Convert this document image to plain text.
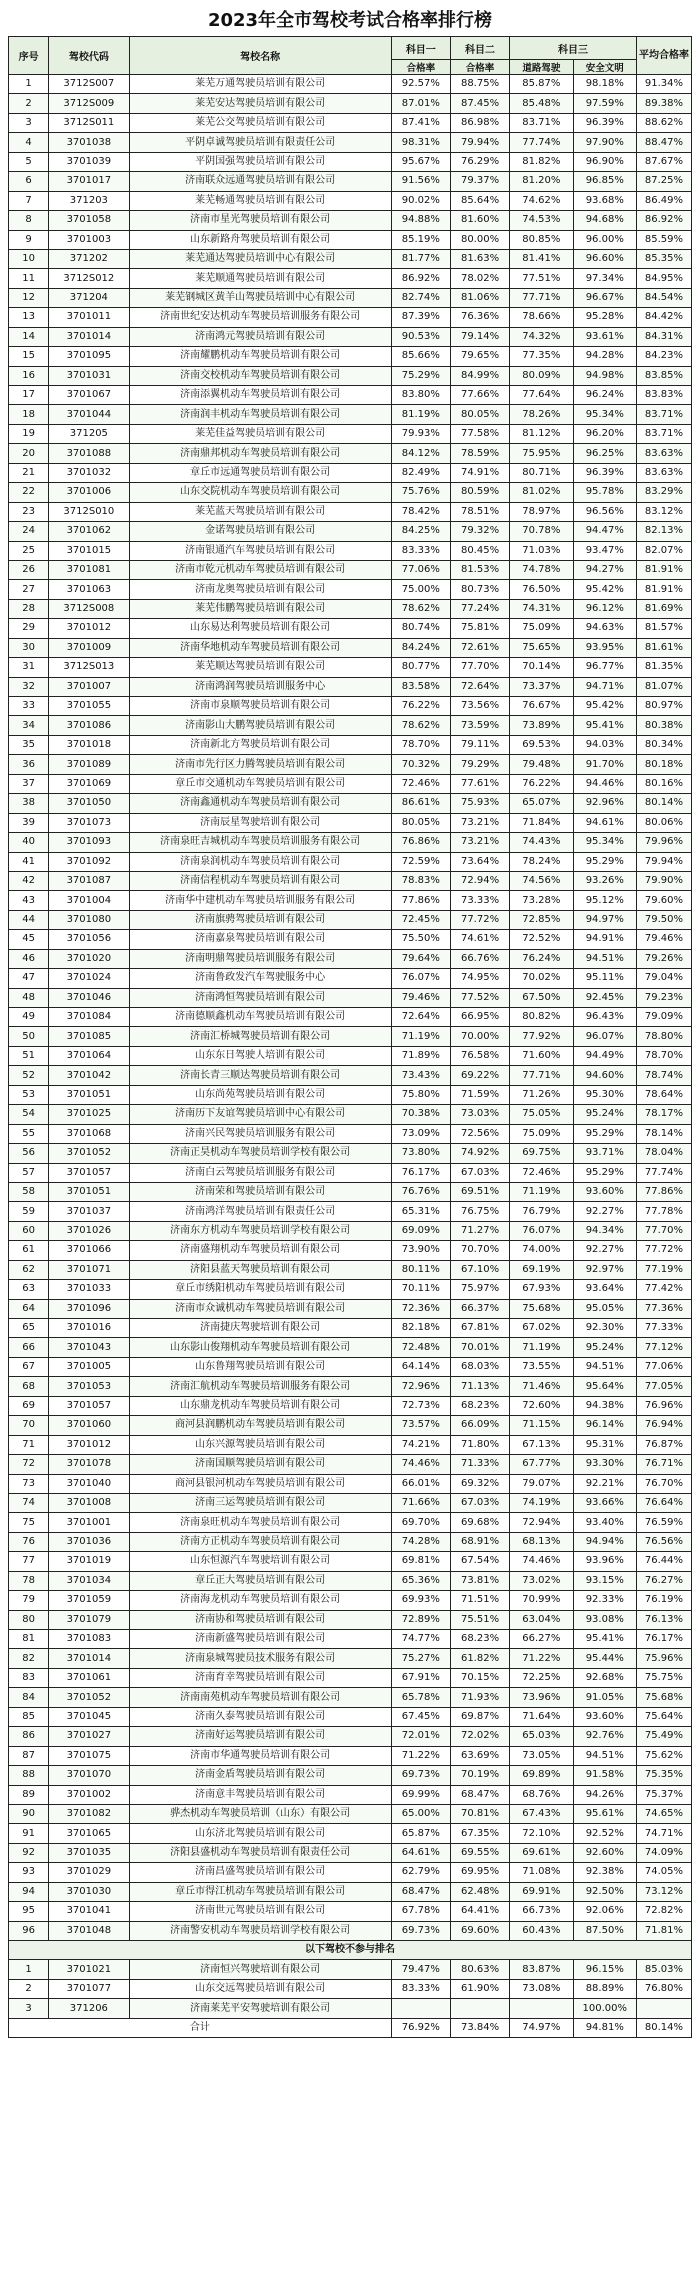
2023年全市驾校考试合格率排行榜
序号	驾校代码	驾校名称	科目一	科目二	科目三		平均合格率
			合格率	合格率	道路驾驶	安全文明	
1	3712S007	莱芜万通驾驶员培训有限公司	92.57%	88.75%	85.87%	98.18%	91.34%
2	3712S009	莱芜安达驾驶员培训有限公司	87.01%	87.45%	85.48%	97.59%	89.38%
3	3712S011	莱芜公交驾驶员培训有限公司	87.41%	86.98%	83.71%	96.39%	88.62%
4	3701038	平阴卓诚驾驶员培训有限责任公司	98.31%	79.94%	77.74%	97.90%	88.47%
5	3701039	平阴国强驾驶员培训有限公司	95.67%	76.29%	81.82%	96.90%	87.67%
6	3701017	济南联众远通驾驶员培训有限公司	91.56%	79.37%	81.20%	96.85%	87.25%
7	371203	莱芜畅通驾驶员培训有限公司	90.02%	85.64%	74.62%	93.68%	86.49%
8	3701058	济南市星光驾驶员培训有限公司	94.88%	81.60%	74.53%	94.68%	86.92%
9	3701003	山东新路舟驾驶员培训有限公司	85.19%	80.00%	80.85%	96.00%	85.59%
10	371202	莱芜通达驾驶员培训中心有限公司	81.77%	81.63%	81.41%	96.60%	85.35%
11	3712S012	莱芜顺通驾驶员培训有限公司	86.92%	78.02%	77.51%	97.34%	84.95%
12	371204	莱芜钢城区黄羊山驾驶员培训中心有限公司	82.74%	81.06%	77.71%	96.67%	84.54%
13	3701011	济南世纪安达机动车驾驶员培训服务有限公司	87.39%	76.36%	78.66%	95.28%	84.42%
14	3701014	济南鸿元驾驶员培训有限公司	90.53%	79.14%	74.32%	93.61%	84.31%
15	3701095	济南耀鹏机动车驾驶员培训有限公司	85.66%	79.65%	77.35%	94.28%	84.23%
16	3701031	济南交校机动车驾驶员培训有限公司	75.29%	84.99%	80.09%	94.98%	83.85%
17	3701067	济南添翼机动车驾驶员培训有限公司	83.80%	77.66%	77.64%	96.24%	83.83%
18	3701044	济南润丰机动车驾驶员培训有限公司	81.19%	80.05%	78.26%	95.34%	83.71%
19	371205	莱芜佳益驾驶员培训有限公司	79.93%	77.58%	81.12%	96.20%	83.71%
20	3701088	济南鼎邦机动车驾驶员培训有限公司	84.12%	78.59%	75.95%	96.25%	83.63%
21	3701032	章丘市远通驾驶员培训有限公司	82.49%	74.91%	80.71%	96.39%	83.63%
22	3701006	山东交院机动车驾驶员培训有限公司	75.76%	80.59%	81.02%	95.78%	83.29%
23	3712S010	莱芜蓝天驾驶员培训有限公司	78.42%	78.51%	78.97%	96.56%	83.12%
24	3701062	金诺驾驶员培训有限公司	84.25%	79.32%	70.78%	94.47%	82.13%
25	3701015	济南银通汽车驾驶员培训有限公司	83.33%	80.45%	71.03%	93.47%	82.07%
26	3701081	济南市乾元机动车驾驶员培训有限公司	77.06%	81.53%	74.78%	94.27%	81.91%
27	3701063	济南龙奥驾驶员培训有限公司	75.00%	80.73%	76.50%	95.42%	81.91%
28	3712S008	莱芜伟鹏驾驶员培训有限公司	78.62%	77.24%	74.31%	96.12%	81.69%
29	3701012	山东易达利驾驶员培训有限公司	80.74%	75.81%	75.09%	94.63%	81.57%
30	3701009	济南华地机动车驾驶员培训有限公司	84.24%	72.61%	75.65%	93.95%	81.61%
31	3712S013	莱芜顺达驾驶员培训有限公司	80.77%	77.70%	70.14%	96.77%	81.35%
32	3701007	济南鸿润驾驶员培训服务中心	83.58%	72.64%	73.37%	94.71%	81.07%
33	3701055	济南市泉顺驾驶员培训有限公司	76.22%	73.56%	76.67%	95.42%	80.97%
34	3701086	济南影山大鹏驾驶员培训有限公司	78.62%	73.59%	73.89%	95.41%	80.38%
35	3701018	济南新北方驾驶员培训有限公司	78.70%	79.11%	69.53%	94.03%	80.34%
36	3701089	济南市先行区力腾驾驶员培训有限公司	70.32%	79.29%	79.48%	91.70%	80.18%
37	3701069	章丘市交通机动车驾驶员培训有限公司	72.46%	77.61%	76.22%	94.46%	80.16%
38	3701050	济南鑫通机动车驾驶员培训有限公司	86.61%	75.93%	65.07%	92.96%	80.14%
39	3701073	济南辰星驾驶培训有限公司	80.05%	73.21%	71.84%	94.61%	80.06%
40	3701093	济南泉旺吉城机动车驾驶员培训服务有限公司	76.86%	73.21%	74.43%	95.34%	79.96%
41	3701092	济南泉润机动车驾驶员培训有限公司	72.59%	73.64%	78.24%	95.29%	79.94%
42	3701087	济南信程机动车驾驶员培训有限公司	78.83%	72.94%	74.56%	93.26%	79.90%
43	3701004	济南华中建机动车驾驶员培训服务有限公司	77.86%	73.33%	73.28%	95.12%	79.60%
44	3701080	济南旗骋驾驶员培训有限公司	72.45%	77.72%	72.85%	94.97%	79.50%
45	3701056	济南嘉泉驾驶员培训有限公司	75.50%	74.61%	72.52%	94.91%	79.46%
46	3701020	济南明鼎驾驶员培训服务有限公司	79.64%	66.76%	76.24%	94.51%	79.26%
47	3701024	济南鲁政发汽车驾驶服务中心	76.07%	74.95%	70.02%	95.11%	79.04%
48	3701046	济南鸿恒驾驶员培训有限公司	79.46%	77.52%	67.50%	92.45%	79.23%
49	3701084	济南德顺鑫机动车驾驶员培训有限公司	72.64%	66.95%	80.82%	96.43%	79.09%
50	3701085	济南汇桥城驾驶员培训有限公司	71.19%	70.00%	77.92%	96.07%	78.80%
51	3701064	山东东日驾驶人培训有限公司	71.89%	76.58%	71.60%	94.49%	78.70%
52	3701042	济南长青三顺达驾驶员培训有限公司	73.43%	69.22%	77.71%	94.60%	78.74%
53	3701051	山东尚苑驾驶员培训有限公司	75.80%	71.59%	71.26%	95.30%	78.64%
54	3701025	济南历下友谊驾驶员培训中心有限公司	70.38%	73.03%	75.05%	95.24%	78.17%
55	3701068	济南兴民驾驶员培训服务有限公司	73.09%	72.56%	75.09%	95.29%	78.14%
56	3701052	济南正昊机动车驾驶员培训学校有限公司	73.80%	74.92%	69.75%	93.71%	78.04%
57	3701057	济南白云驾驶员培训服务有限公司	76.17%	67.03%	72.46%	95.29%	77.74%
58	3701051	济南荣和驾驶员培训有限公司	76.76%	69.51%	71.19%	93.60%	77.86%
59	3701037	济南鸿洋驾驶员培训有限责任公司	65.31%	76.75%	76.79%	92.27%	77.78%
60	3701026	济南东方机动车驾驶员培训学校有限公司	69.09%	71.27%	76.07%	94.34%	77.70%
61	3701066	济南盛翔机动车驾驶员培训有限公司	73.90%	70.70%	74.00%	92.27%	77.72%
62	3701071	济阳县蓝天驾驶员培训有限公司	80.11%	67.10%	69.19%	92.97%	77.19%
63	3701033	章丘市绣阳机动车驾驶员培训有限公司	70.11%	75.97%	67.93%	93.64%	77.42%
64	3701096	济南市众诚机动车驾驶员培训有限公司	72.36%	66.37%	75.68%	95.05%	77.36%
65	3701016	济南捷庆驾驶培训有限公司	82.18%	67.81%	67.02%	92.30%	77.33%
66	3701043	山东影山俊翔机动车驾驶员培训有限公司	72.48%	70.01%	71.19%	95.24%	77.12%
67	3701005	山东鲁翔驾驶员培训有限公司	64.14%	68.03%	73.55%	94.51%	77.06%
68	3701053	济南汇航机动车驾驶员培训服务有限公司	72.96%	71.13%	71.46%	95.64%	77.05%
69	3701057	山东鼎龙机动车驾驶员培训有限公司	72.73%	68.23%	72.60%	94.38%	76.96%
70	3701060	商河县润鹏机动车驾驶员培训有限公司	73.57%	66.09%	71.15%	96.14%	76.94%
71	3701012	山东兴源驾驶员培训有限公司	74.21%	71.80%	67.13%	95.31%	76.87%
72	3701078	济南国顺驾驶员培训有限公司	74.46%	71.33%	67.77%	93.30%	76.71%
73	3701040	商河县银河机动车驾驶员培训有限公司	66.01%	69.32%	79.07%	92.21%	76.70%
74	3701008	济南三运驾驶员培训有限公司	71.66%	67.03%	74.19%	93.66%	76.64%
75	3701001	济南泉旺机动车驾驶员培训有限公司	69.70%	69.68%	72.94%	93.40%	76.59%
76	3701036	济南方正机动车驾驶员培训有限公司	74.28%	68.91%	68.13%	94.94%	76.56%
77	3701019	山东恒源汽车驾驶培训有限公司	69.81%	67.54%	74.46%	93.96%	76.44%
78	3701034	章丘正大驾驶员培训有限公司	65.36%	73.81%	73.02%	93.15%	76.27%
79	3701059	济南海龙机动车驾驶员培训有限公司	69.93%	71.51%	70.99%	92.33%	76.19%
80	3701079	济南协和驾驶员培训有限公司	72.89%	75.51%	63.04%	93.08%	76.13%
81	3701083	济南新盛驾驶员培训有限公司	74.77%	68.23%	66.27%	95.41%	76.17%
82	3701014	济南泉城驾驶员技术服务有限公司	75.27%	61.82%	71.22%	95.44%	75.96%
83	3701061	济南育幸驾驶员培训有限公司	67.91%	70.15%	72.25%	92.68%	75.75%
84	3701052	济南南苑机动车驾驶员培训有限公司	65.78%	71.93%	73.96%	91.05%	75.68%
85	3701045	济南久泰驾驶员培训有限公司	67.45%	69.87%	71.64%	93.60%	75.64%
86	3701027	济南好运驾驶员培训有限公司	72.01%	72.02%	65.03%	92.76%	75.49%
87	3701075	济南市华通驾驶员培训有限公司	71.22%	63.69%	73.05%	94.51%	75.62%
88	3701070	济南金盾驾驶员培训有限公司	69.73%	70.19%	69.89%	91.58%	75.35%
89	3701002	济南意丰驾驶员培训有限公司	69.99%	68.47%	68.76%	94.26%	75.37%
90	3701082	骅杰机动车驾驶员培训（山东）有限公司	65.00%	70.81%	67.43%	95.61%	74.65%
91	3701065	山东济北驾驶员培训有限公司	65.87%	67.35%	72.10%	92.52%	74.71%
92	3701035	济阳县盛机动车驾驶员培训有限责任公司	64.61%	69.55%	69.61%	92.60%	74.09%
93	3701029	济南昌盛驾驶员培训有限公司	62.79%	69.95%	71.08%	92.38%	74.05%
94	3701030	章丘市得江机动车驾驶员培训有限公司	68.47%	62.48%	69.91%	92.50%	73.12%
95	3701041	济南世元驾驶员培训有限公司	67.78%	64.41%	66.73%	92.06%	72.82%
96	3701048	济南警安机动车驾驶员培训学校有限公司	69.73%	69.60%	60.43%	87.50%	71.81%
以下驾校不参与排名							
1	3701021	济南恒兴驾驶培训有限公司	79.47%	80.63%	83.87%	96.15%	85.03%
2	3701077	山东交远驾驶员培训有限公司	83.33%	61.90%	73.08%	88.89%	76.80%
3	371206	济南莱芜平安驾驶培训有限公司				100.00%	
合计			76.92%	73.84%	74.97%	94.81%	80.14%
